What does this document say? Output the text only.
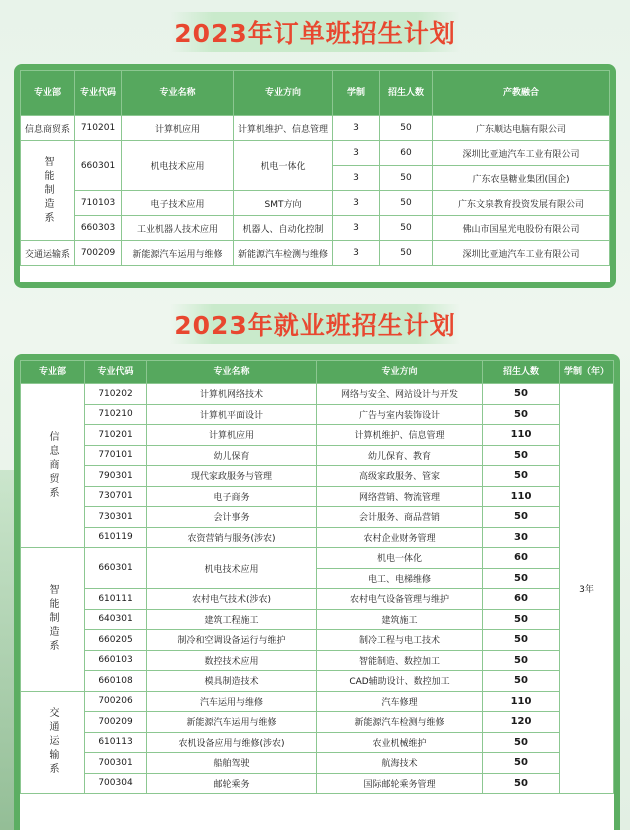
2023年订单班招生计划
专业部	专业代码	专业名称	专业方向	学制	招生人数	产教融合
信息商贸系	710201	计算机应用	计算机维护、信息管理	3	50	广东顺达电脑有限公司
智能制造系	660301	机电技术应用	机电一体化	3	60	深圳比亚迪汽车工业有限公司
				3	50	广东农垦糖业集团(国企)
	710103	电子技术应用	SMT方向	3	50	广东文泉教育投资发展有限公司
	660303	工业机器人技术应用	机器人、自动化控制	3	50	佛山市国星光电股份有限公司
交通运输系	700209	新能源汽车运用与维修	新能源汽车检测与维修	3	50	深圳比亚迪汽车工业有限公司
2023年就业班招生计划
专业部	专业代码	专业名称	专业方向	招生人数	学制（年）
信息商贸系	710202	计算机网络技术	网络与安全、网站设计与开发	50	3年
	710210	计算机平面设计	广告与室内装饰设计	50	
	710201	计算机应用	计算机维护、信息管理	110	
	770101	幼儿保育	幼儿保育、教育	50	
	790301	现代家政服务与管理	高级家政服务、管家	50	
	730701	电子商务	网络营销、物流管理	110	
	730301	会计事务	会计服务、商品营销	50	
	610119	农资营销与服务(涉农)	农村企业财务管理	30	
智能制造系	660301	机电技术应用	机电一体化	60	
			电工、电梯维修	50	
	610111	农村电气技术(涉农)	农村电气设备管理与维护	60	
	640301	建筑工程施工	建筑施工	50	
	660205	制冷和空调设备运行与维护	制冷工程与电工技术	50	
	660103	数控技术应用	智能制造、数控加工	50	
	660108	模具制造技术	CAD辅助设计、数控加工	50	
交通运输系	700206	汽车运用与维修	汽车修理	110	
	700209	新能源汽车运用与维修	新能源汽车检测与维修	120	
	610113	农机设备应用与维修(涉农)	农业机械维护	50	
	700301	船舶驾驶	航海技术	50	
	700304	邮轮乘务	国际邮轮乘务管理	50	
